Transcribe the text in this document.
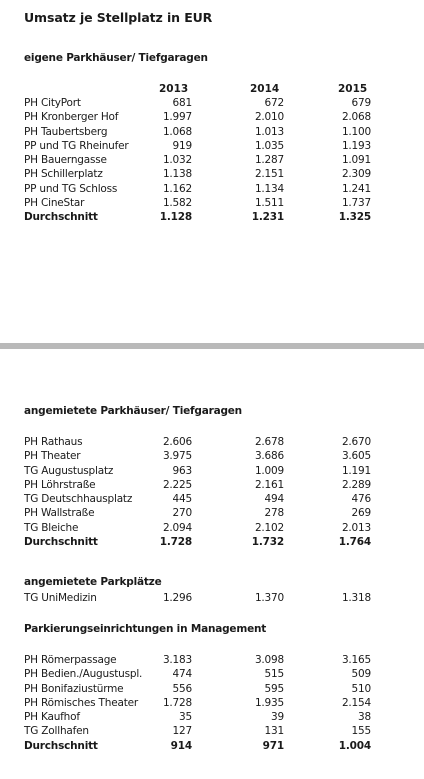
Umsatz je Stellplatz in EUR
eigene Parkhäuser/ Tiefgaragen
2013	2014	2015
PH CityPort	681	672	679
PH Kronberger Hof	1.997	2.010	2.068
PH Taubertsberg	1.068	1.013	1.100
PP und TG Rheinufer	919	1.035	1.193
PH Bauerngasse	1.032	1.287	1.091
PH Schillerplatz	1.138	2.151	2.309
PP und TG Schloss	1.162	1.134	1.241
PH CineStar	1.582	1.511	1.737
Durchschnitt	1.128	1.231	1.325
angemietete Parkhäuser/ Tiefgaragen
PH Rathaus	2.606	2.678	2.670
PH Theater	3.975	3.686	3.605
TG Augustusplatz	963	1.009	1.191
PH Löhrstraße	2.225	2.161	2.289
TG Deutschhausplatz	445	494	476
PH Wallstraße	270	278	269
TG Bleiche	2.094	2.102	2.013
Durchschnitt	1.728	1.732	1.764
angemietete Parkplätze
TG UniMedizin	1.296	1.370	1.318
Parkierungseinrichtungen in Management
PH Römerpassage	3.183	3.098	3.165
PH Bedien./Augustuspl.	474	515	509
PH Bonifaziustürme	556	595	510
PH Römisches Theater 1.728	1.935	2.154
PH Kaufhof	35	39	38
TG Zollhafen	127	131	155
Durchschnitt	914	971	1.004
